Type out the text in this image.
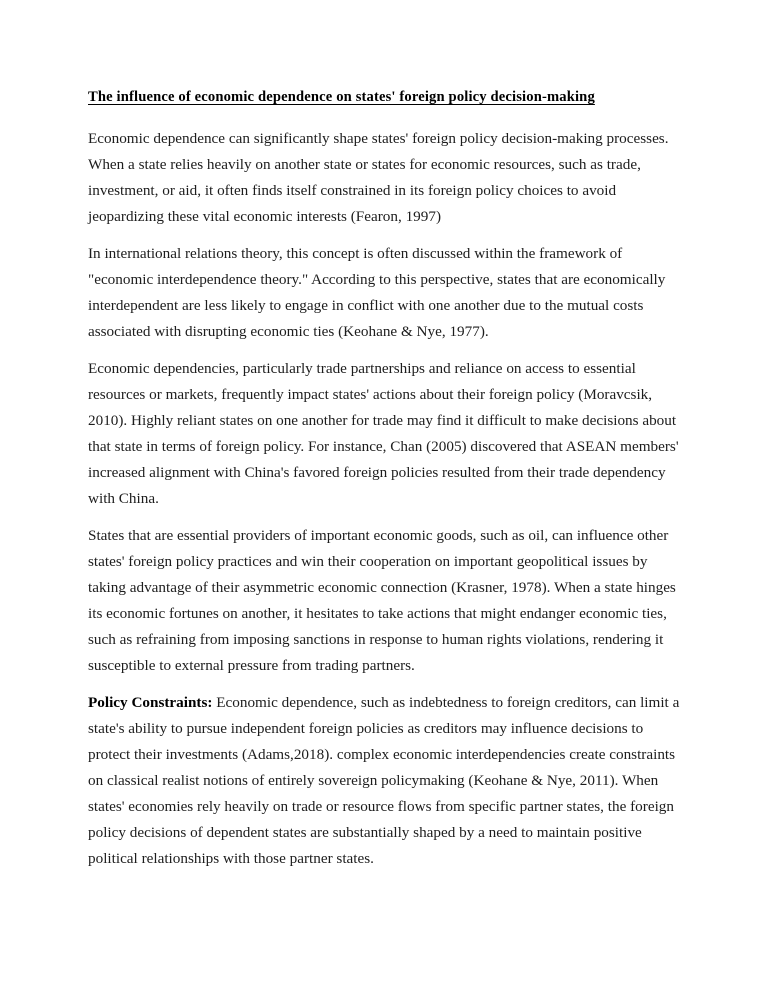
The influence of economic dependence on states' foreign policy decision-making

Economic dependence can significantly shape states' foreign policy decision-making processes. When a state relies heavily on another state or states for economic resources, such as trade, investment, or aid, it often finds itself constrained in its foreign policy choices to avoid jeopardizing these vital economic interests (Fearon, 1997)

In international relations theory, this concept is often discussed within the framework of "economic interdependence theory." According to this perspective, states that are economically interdependent are less likely to engage in conflict with one another due to the mutual costs associated with disrupting economic ties (Keohane & Nye, 1977).

Economic dependencies, particularly trade partnerships and reliance on access to essential resources or markets, frequently impact states' actions about their foreign policy (Moravcsik, 2010). Highly reliant states on one another for trade may find it difficult to make decisions about that state in terms of foreign policy. For instance, Chan (2005) discovered that ASEAN members' increased alignment with China's favored foreign policies resulted from their trade dependency with China.

States that are essential providers of important economic goods, such as oil, can influence other states' foreign policy practices and win their cooperation on important geopolitical issues by taking advantage of their asymmetric economic connection (Krasner, 1978). When a state hinges its economic fortunes on another, it hesitates to take actions that might endanger economic ties, such as refraining from imposing sanctions in response to human rights violations, rendering it susceptible to external pressure from trading partners.

Policy Constraints: Economic dependence, such as indebtedness to foreign creditors, can limit a state's ability to pursue independent foreign policies as creditors may influence decisions to protect their investments (Adams,2018). complex economic interdependencies create constraints on classical realist notions of entirely sovereign policymaking (Keohane & Nye, 2011). When states' economies rely heavily on trade or resource flows from specific partner states, the foreign policy decisions of dependent states are substantially shaped by a need to maintain positive political relationships with those partner states.
